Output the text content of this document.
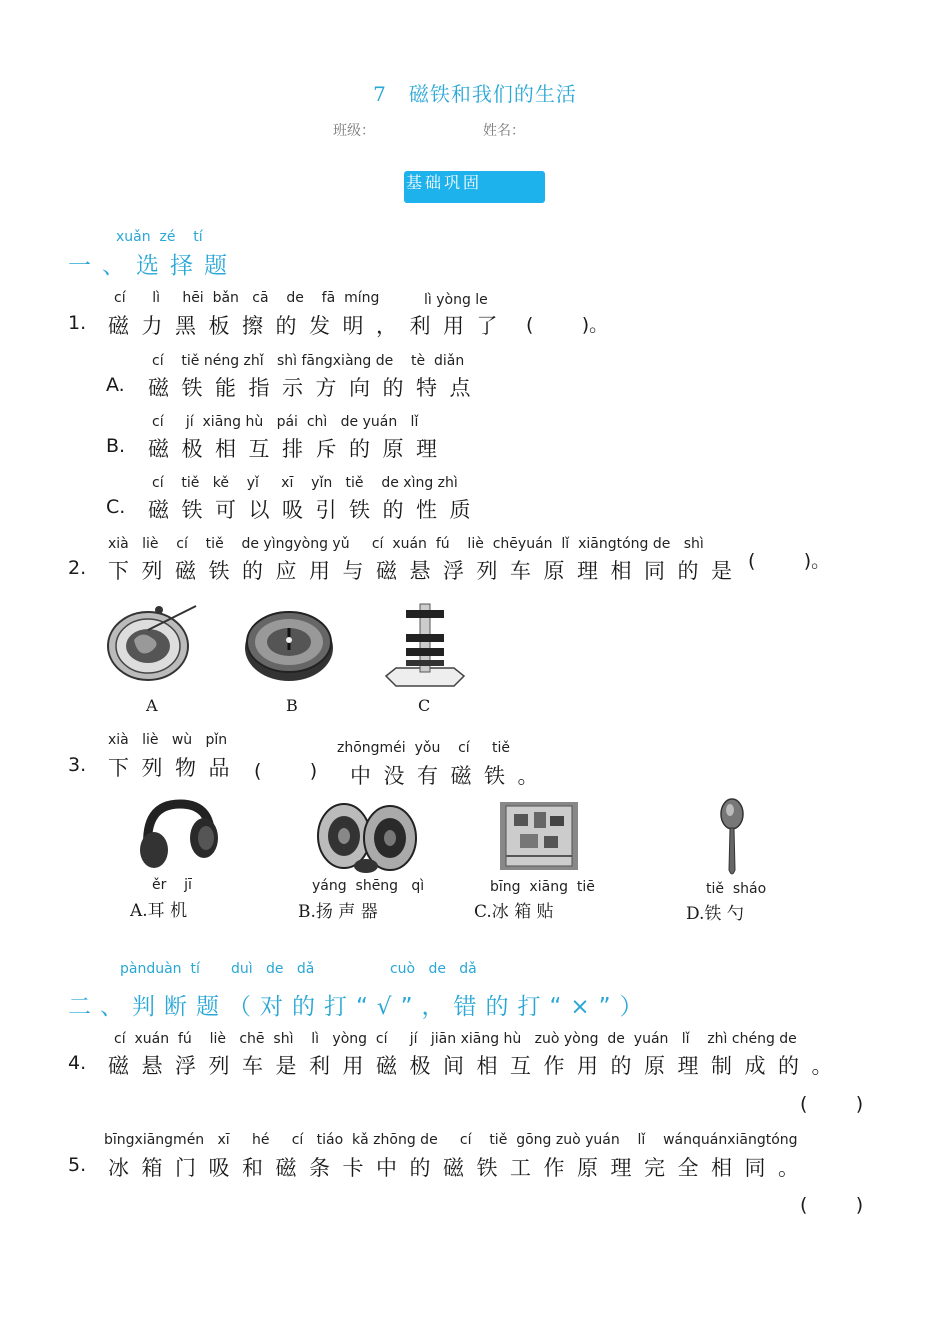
7 磁铁和我们的生活
班级：	姓名：
基础巩固
xuǎn  zé    tí
一、选择题
cí      lì     hēi  bǎn   cā    de    fā  míng	lì yòng le
1. 磁力黑板擦的发明，利用了 (        )。
cí    tiě néng zhǐ   shì fāngxiàng de    tè  diǎn
A. 磁铁能指示方向的特点
cí     jí  xiāng hù   pái  chì   de yuán   lǐ
B. 磁极相互排斥的原理
cí    tiě   kě    yǐ     xī    yǐn   tiě    de xìng zhì
C. 磁铁可以吸引铁的性质
xià   liè    cí    tiě    de yìngyòng yǔ     cí  xuán  fú    liè  chēyuán  lǐ  xiāngtóng de   shì
2. 下列磁铁的应用与磁悬浮列车原理相同的是 (        )。
A	B	C
xià   liè   wù   pǐn	zhōngméi  yǒu    cí     tiě
3. 下列物品 (        ) 中没有磁铁。
ěr    jī
A.耳 机
yáng  shēng   qì
B.扬 声 器
bīng  xiāng  tiē
C.冰 箱 贴
tiě  sháo
D.铁 勺
pànduàn  tí       duì   de   dǎ                 cuò   de   dǎ
二、判断题（对的打“√”，错的打“×”）
cí  xuán  fú    liè   chē  shì    lì   yòng  cí     jí   jiān xiāng hù   zuò yòng  de  yuán   lǐ    zhì chéng de
4. 磁悬浮列车是利用磁极间相互作用的原理制成的。
(        )
bīngxiāngmén   xī     hé     cí   tiáo  kǎ zhōng de     cí    tiě  gōng zuò yuán    lǐ    wánquánxiāngtóng
5. 冰箱门吸和磁条卡中的磁铁工作原理完全相同。
(        )
